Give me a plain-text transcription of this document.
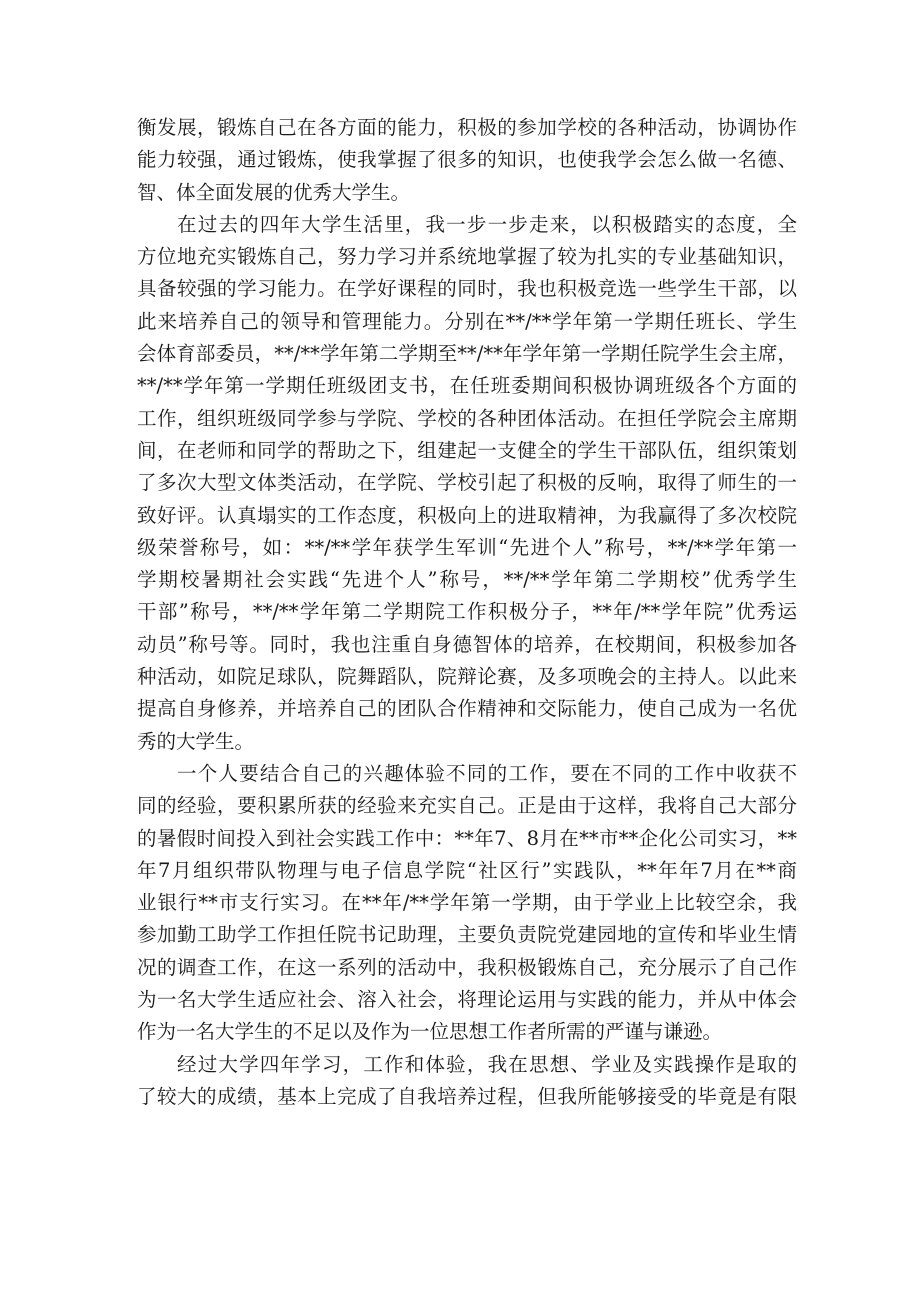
衡发展，锻炼自己在各方面的能力，积极的参加学校的各种活动，协调协作
能力较强，通过锻炼，使我掌握了很多的知识，也使我学会怎么做一名德、
智、体全面发展的优秀大学生。
在过去的四年大学生活里，我一步一步走来，以积极踏实的态度，全
方位地充实锻炼自己，努力学习并系统地掌握了较为扎实的专业基础知识，
具备较强的学习能力。在学好课程的同时，我也积极竞选一些学生干部，以
此来培养自己的领导和管理能力。分别在**/**学年第一学期任班长、学生
会体育部委员，**/**学年第二学期至**/**年学年第一学期任院学生会主席，
**/**学年第一学期任班级团支书，在任班委期间积极协调班级各个方面的
工作，组织班级同学参与学院、学校的各种团体活动。在担任学院会主席期
间，在老师和同学的帮助之下，组建起一支健全的学生干部队伍，组织策划
了多次大型文体类活动，在学院、学校引起了积极的反响，取得了师生的一
致好评。认真塌实的工作态度，积极向上的进取精神，为我赢得了多次校院
级荣誉称号，如：**/**学年获学生军训“先进个人”称号，**/**学年第一
学期校暑期社会实践“先进个人”称号，**/**学年第二学期校”优秀学生
干部”称号，**/**学年第二学期院工作积极分子，**年/**学年院”优秀运
动员”称号等。同时，我也注重自身德智体的培养，在校期间，积极参加各
种活动，如院足球队，院舞蹈队，院辩论赛，及多项晚会的主持人。以此来
提高自身修养，并培养自己的团队合作精神和交际能力，使自己成为一名优
秀的大学生。
一个人要结合自己的兴趣体验不同的工作，要在不同的工作中收获不
同的经验，要积累所获的经验来充实自己。正是由于这样，我将自己大部分
的暑假时间投入到社会实践工作中：**年7、8月在**市**企化公司实习，**
年7月组织带队物理与电子信息学院“社区行”实践队，**年年7月在**商
业银行**市支行实习。在**年/**学年第一学期，由于学业上比较空余，我
参加勤工助学工作担任院书记助理，主要负责院党建园地的宣传和毕业生情
况的调查工作，在这一系列的活动中，我积极锻炼自己，充分展示了自己作
为一名大学生适应社会、溶入社会，将理论运用与实践的能力，并从中体会
作为一名大学生的不足以及作为一位思想工作者所需的严谨与谦逊。
经过大学四年学习，工作和体验，我在思想、学业及实践操作是取的
了较大的成绩，基本上完成了自我培养过程，但我所能够接受的毕竟是有限
